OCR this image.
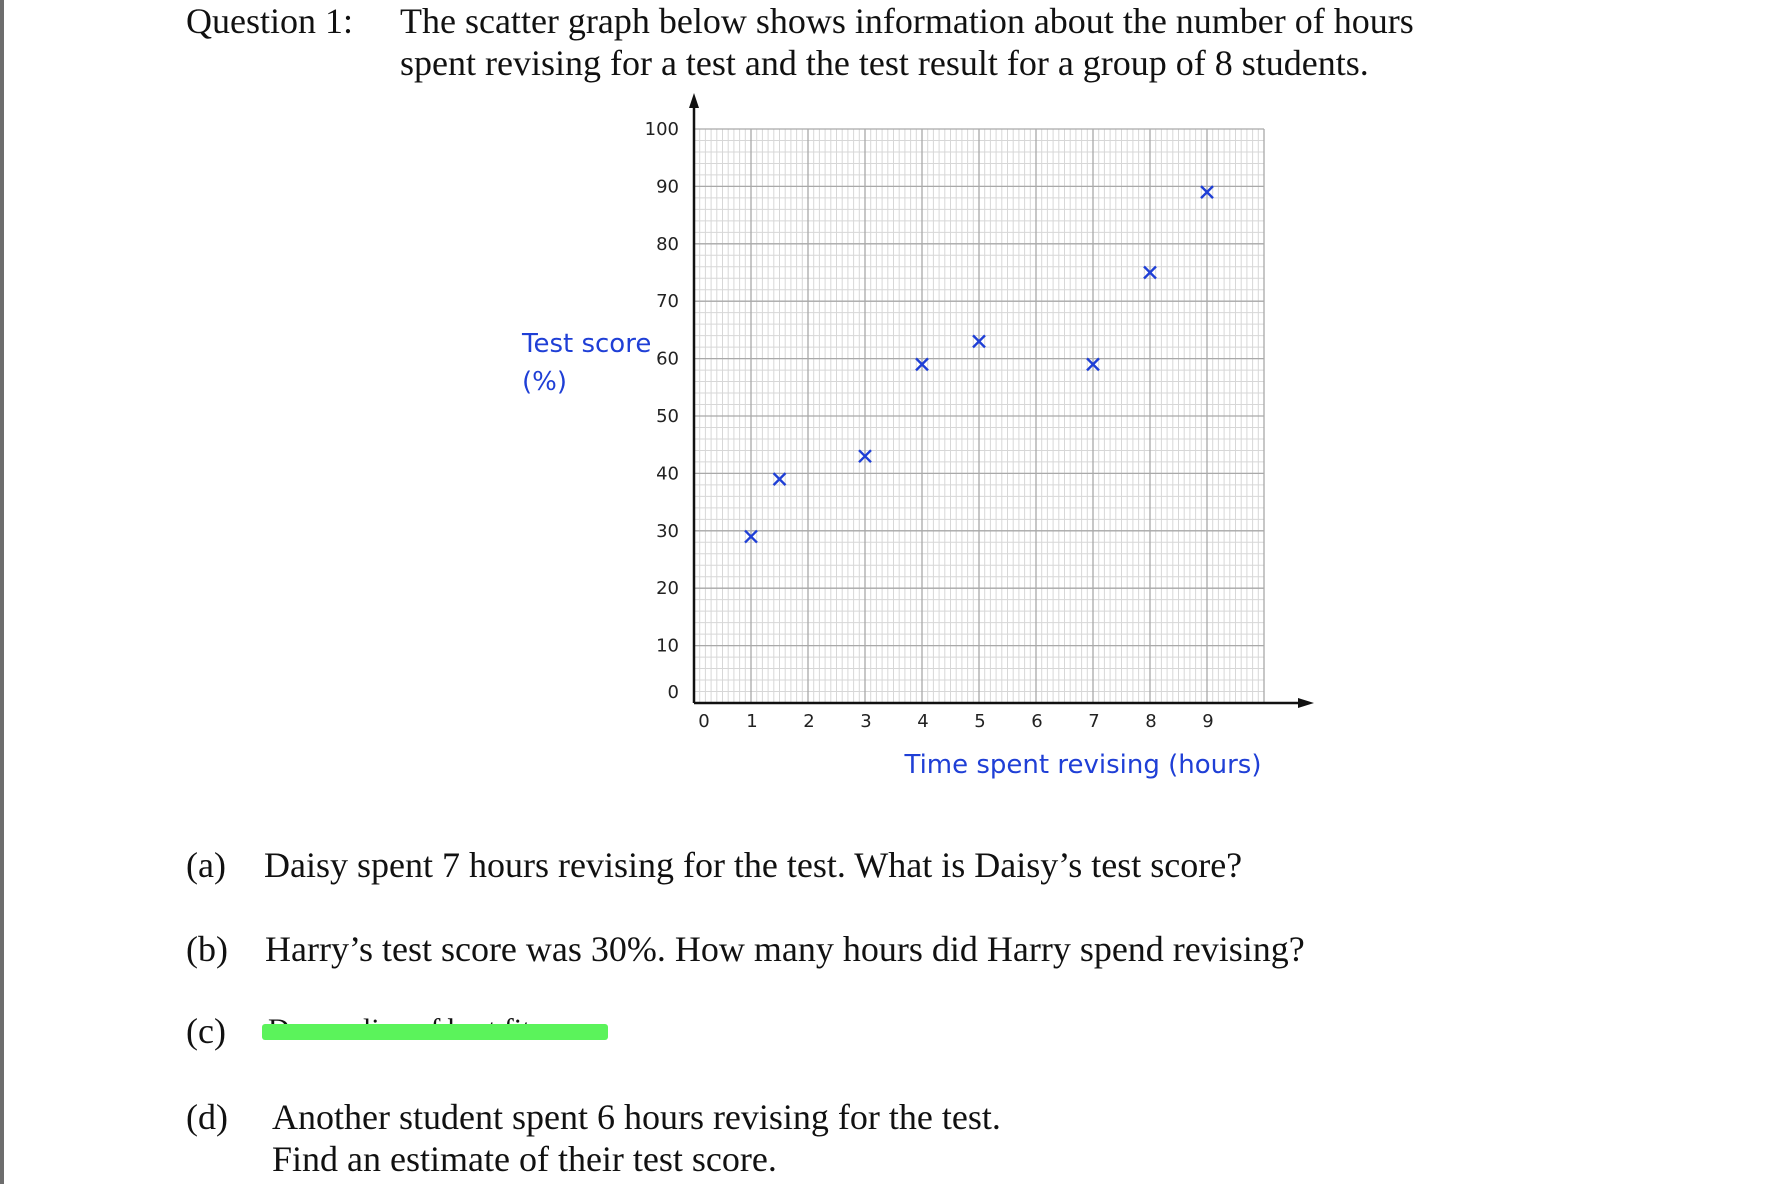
Question 1: The scatter graph below shows information about the number of hours
spent revising for a test and the test result for a group of 8 students.
0
10
20
30
40
50
60
70
80
90
100
0 1	2	3	4	5	6	7	8	9
Test score
(%)
Time spent revising (hours)
(a) Daisy spent 7 hours revising for the test. What is Daisy’s test score?
(b) Harry’s test score was 30%. How many hours did Harry spend revising?
(c)
(d) Another student spent 6 hours revising for the test.
Find an estimate of their test score.
